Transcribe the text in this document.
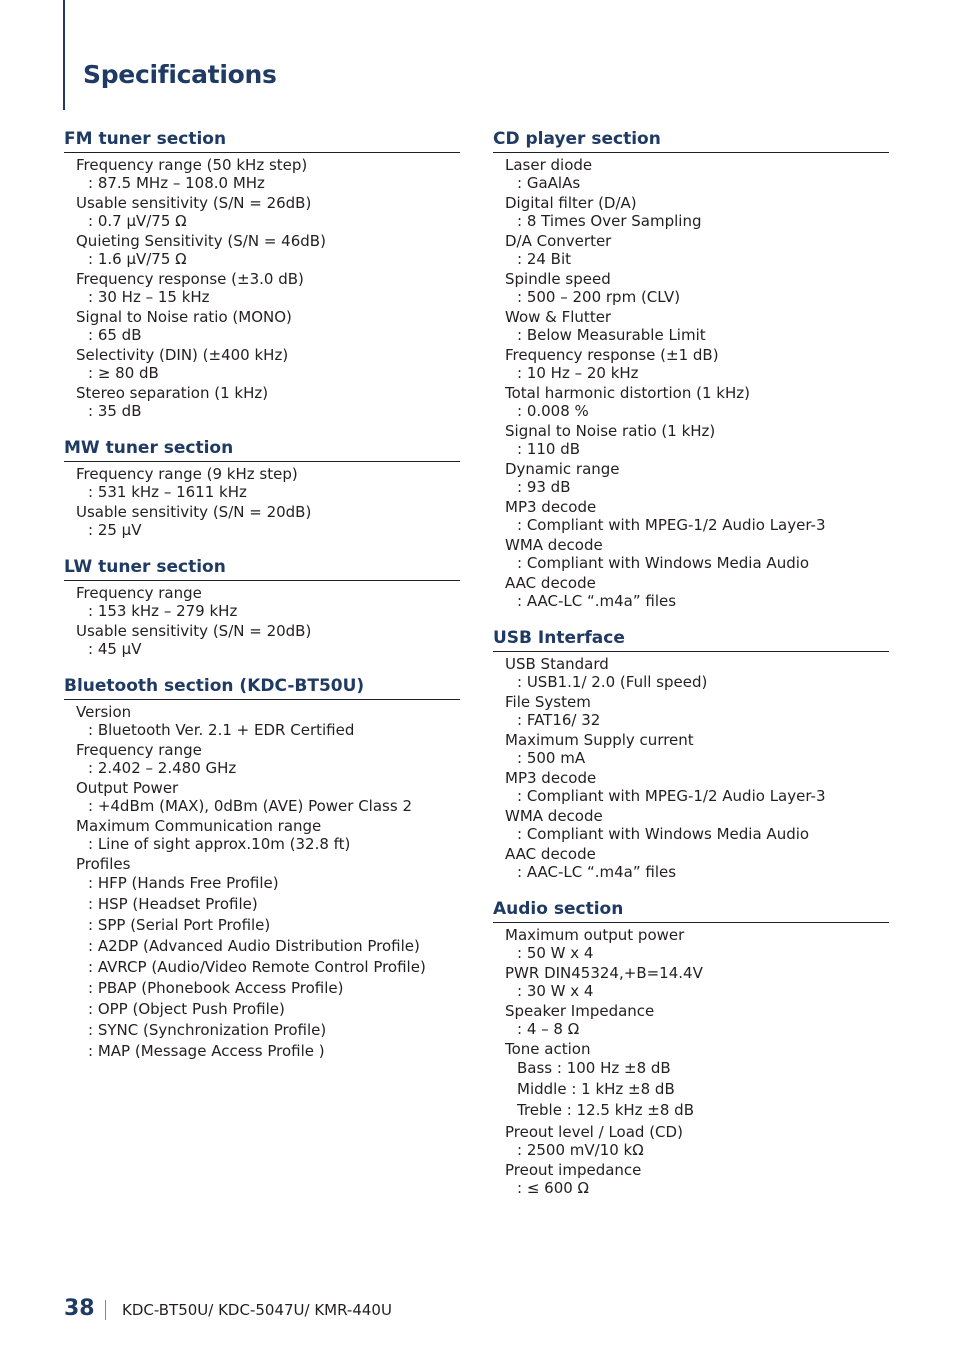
Specifications
FM tuner section
Frequency range (50 kHz step)
: 87.5 MHz – 108.0 MHz
Usable sensitivity (S/N = 26dB)
: 0.7 μV/75 Ω
Quieting Sensitivity (S/N = 46dB)
: 1.6 μV/75 Ω
Frequency response (±3.0 dB)
: 30 Hz – 15 kHz
Signal to Noise ratio (MONO)
: 65 dB
Selectivity (DIN) (±400 kHz)
: ≥ 80 dB
Stereo separation (1 kHz)
: 35 dB
MW tuner section
Frequency range (9 kHz step)
: 531 kHz – 1611 kHz
Usable sensitivity (S/N = 20dB)
: 25 μV
LW tuner section
Frequency range
: 153 kHz – 279 kHz
Usable sensitivity (S/N = 20dB)
: 45 μV
Bluetooth section (KDC-BT50U)
Version
: Bluetooth Ver. 2.1 + EDR Certified
Frequency range
: 2.402 – 2.480 GHz
Output Power
: +4dBm (MAX), 0dBm (AVE) Power Class 2
Maximum Communication range
: Line of sight approx.10m (32.8 ft)
Profiles
: HFP (Hands Free Profile)
: HSP (Headset Profile)
: SPP (Serial Port Profile)
: A2DP (Advanced Audio Distribution Profile)
: AVRCP (Audio/Video Remote Control Profile)
: PBAP (Phonebook Access Profile)
: OPP (Object Push Profile)
: SYNC (Synchronization Profile)
: MAP (Message Access Profile )
CD player section
Laser diode
: GaAlAs
Digital filter (D/A)
: 8 Times Over Sampling
D/A Converter
: 24 Bit
Spindle speed
: 500 – 200 rpm (CLV)
Wow & Flutter
: Below Measurable Limit
Frequency response (±1 dB)
: 10 Hz – 20 kHz
Total harmonic distortion (1 kHz)
: 0.008 %
Signal to Noise ratio (1 kHz)
: 110 dB
Dynamic range
: 93 dB
MP3 decode
: Compliant with MPEG-1/2 Audio Layer-3
WMA decode
: Compliant with Windows Media Audio
AAC decode
: AAC-LC “.m4a” files
USB Interface
USB Standard
: USB1.1/ 2.0 (Full speed)
File System
: FAT16/ 32
Maximum Supply current
: 500 mA
MP3 decode
: Compliant with MPEG-1/2 Audio Layer-3
WMA decode
: Compliant with Windows Media Audio
AAC decode
: AAC-LC “.m4a” files
Audio section
Maximum output power
: 50 W x 4
PWR DIN45324,+B=14.4V
: 30 W x 4
Speaker Impedance
: 4 – 8 Ω
Tone action
Bass : 100 Hz ±8 dB
Middle : 1 kHz ±8 dB
Treble : 12.5 kHz ±8 dB
Preout level / Load (CD)
: 2500 mV/10 kΩ
Preout impedance
: ≤ 600 Ω
38 KDC-BT50U/ KDC-5047U/ KMR-440U
